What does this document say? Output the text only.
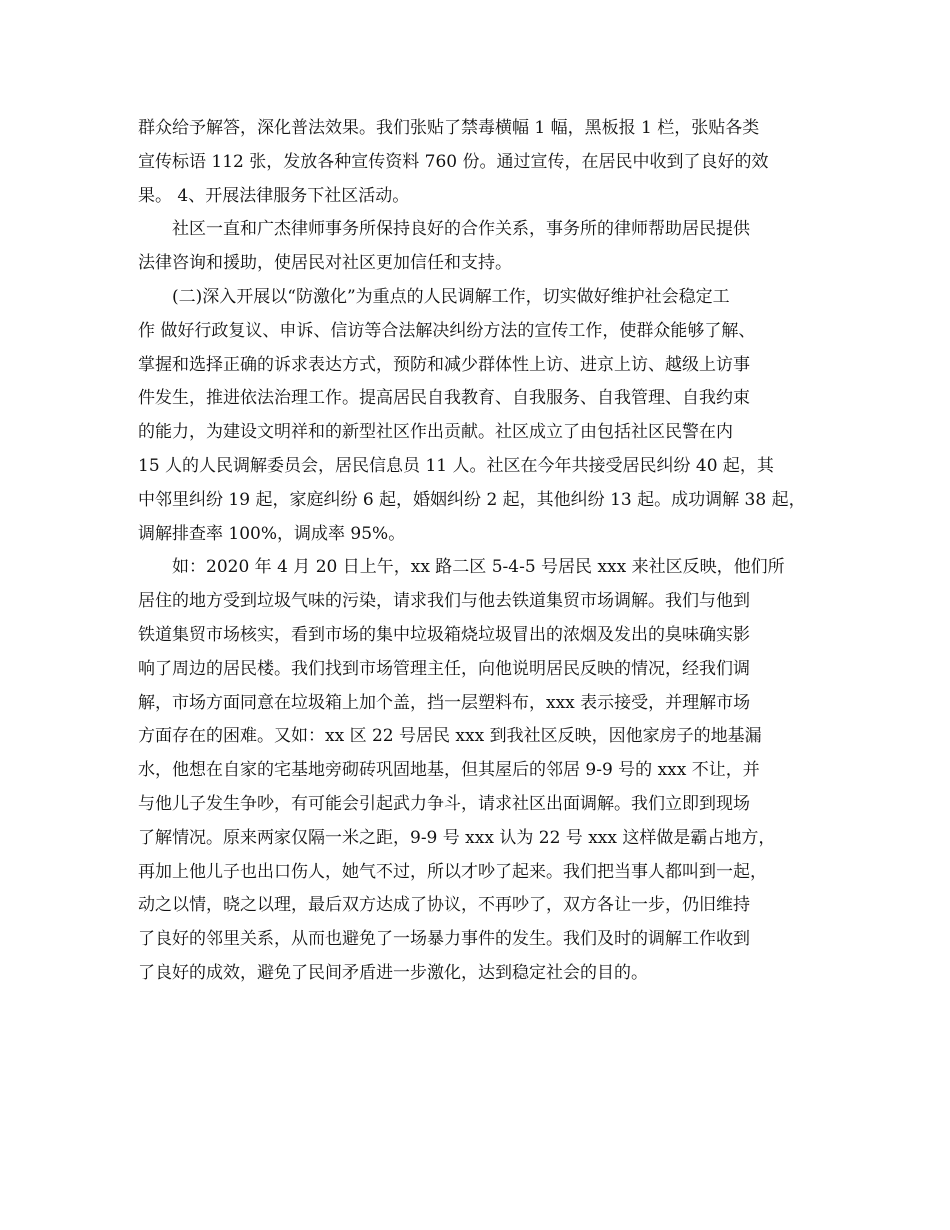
群众给予解答，深化普法效果。我们张贴了禁毒横幅 1 幅，黑板报 1 栏，张贴各类
宣传标语 112 张，发放各种宣传资料 760 份。通过宣传，在居民中收到了良好的效
果。 4、开展法律服务下社区活动。
社区一直和广杰律师事务所保持良好的合作关系，事务所的律师帮助居民提供
法律咨询和援助，使居民对社区更加信任和支持。
(二)深入开展以“防激化”为重点的人民调解工作，切实做好维护社会稳定工
作 做好行政复议、申诉、信访等合法解决纠纷方法的宣传工作，使群众能够了解、
掌握和选择正确的诉求表达方式，预防和减少群体性上访、进京上访、越级上访事
件发生，推进依法治理工作。提高居民自我教育、自我服务、自我管理、自我约束
的能力，为建设文明祥和的新型社区作出贡献。社区成立了由包括社区民警在内
15 人的人民调解委员会，居民信息员 11 人。社区在今年共接受居民纠纷 40 起，其
中邻里纠纷 19 起，家庭纠纷 6 起，婚姻纠纷 2 起，其他纠纷 13 起。成功调解 38 起，
调解排查率 100%，调成率 95%。
如：2020 年 4 月 20 日上午，xx 路二区 5-4-5 号居民 xxx 来社区反映，他们所
居住的地方受到垃圾气味的污染，请求我们与他去铁道集贸市场调解。我们与他到
铁道集贸市场核实，看到市场的集中垃圾箱烧垃圾冒出的浓烟及发出的臭味确实影
响了周边的居民楼。我们找到市场管理主任，向他说明居民反映的情况，经我们调
解，市场方面同意在垃圾箱上加个盖，挡一层塑料布，xxx 表示接受，并理解市场
方面存在的困难。又如：xx 区 22 号居民 xxx 到我社区反映，因他家房子的地基漏
水，他想在自家的宅基地旁砌砖巩固地基，但其屋后的邻居 9-9 号的 xxx 不让，并
与他儿子发生争吵，有可能会引起武力争斗，请求社区出面调解。我们立即到现场
了解情况。原来两家仅隔一米之距，9-9 号 xxx 认为 22 号 xxx 这样做是霸占地方，
再加上他儿子也出口伤人，她气不过，所以才吵了起来。我们把当事人都叫到一起，
动之以情，晓之以理，最后双方达成了协议，不再吵了，双方各让一步，仍旧维持
了良好的邻里关系，从而也避免了一场暴力事件的发生。我们及时的调解工作收到
了良好的成效，避免了民间矛盾进一步激化，达到稳定社会的目的。
